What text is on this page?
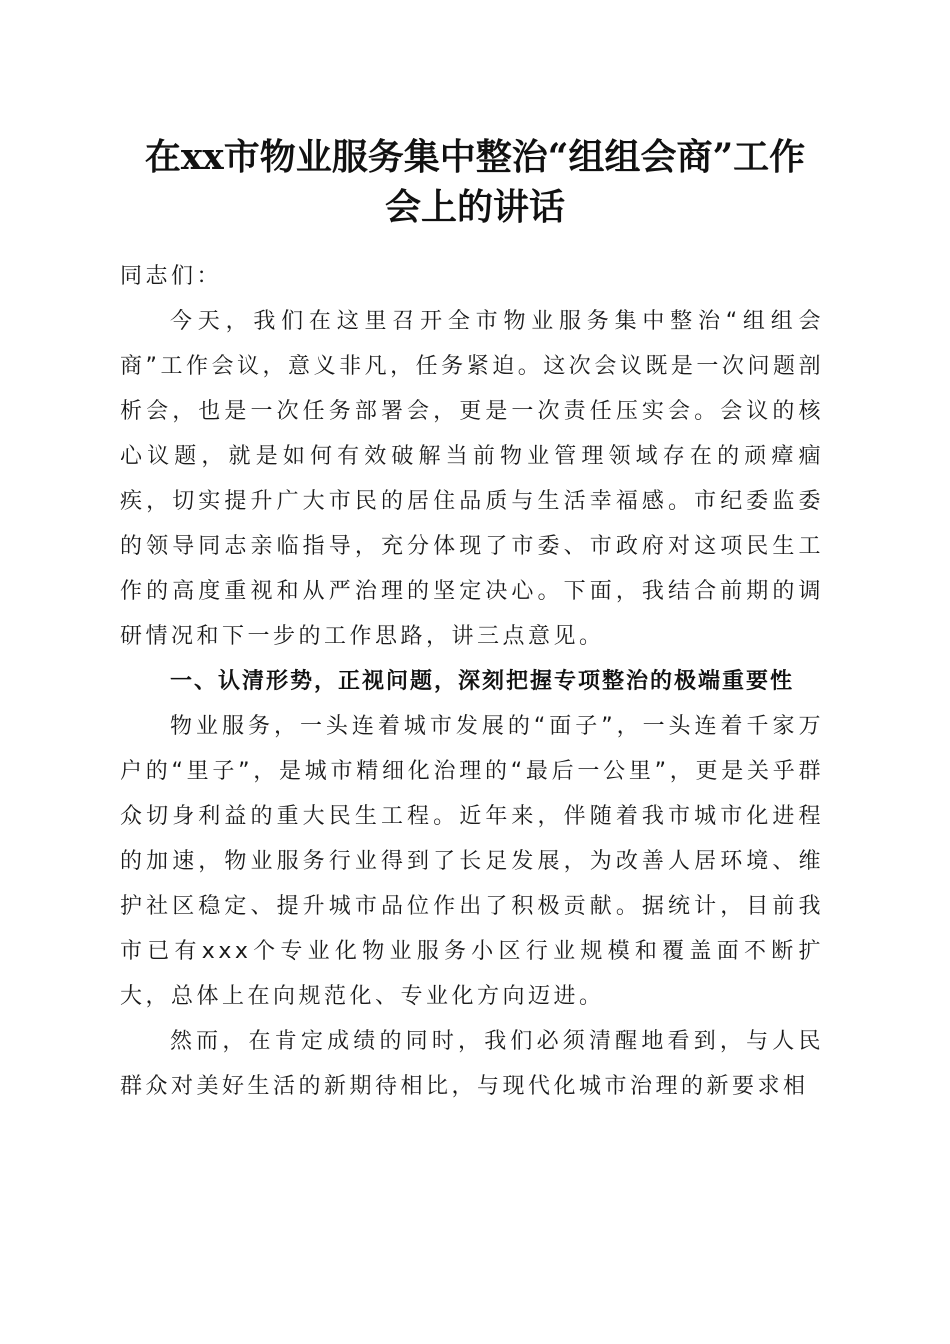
在xx市物业服务集中整治“组组会商”工作
会上的讲话

同志们：

今天，我们在这里召开全市物业服务集中整治“组组会商”工作会议，意义非凡，任务紧迫。这次会议既是一次问题剖析会，也是一次任务部署会，更是一次责任压实会。会议的核心议题，就是如何有效破解当前物业管理领域存在的顽瘴痼疾，切实提升广大市民的居住品质与生活幸福感。市纪委监委的领导同志亲临指导，充分体现了市委、市政府对这项民生工作的高度重视和从严治理的坚定决心。下面，我结合前期的调研情况和下一步的工作思路，讲三点意见。

一、认清形势，正视问题，深刻把握专项整治的极端重要性

物业服务，一头连着城市发展的“面子”，一头连着千家万户的“里子”，是城市精细化治理的“最后一公里”，更是关乎群众切身利益的重大民生工程。近年来，伴随着我市城市化进程的加速，物业服务行业得到了长足发展，为改善人居环境、维护社区稳定、提升城市品位作出了积极贡献。据统计，目前我市已有xxx个专业化物业服务小区行业规模和覆盖面不断扩大，总体上在向规范化、专业化方向迈进。

然而，在肯定成绩的同时，我们必须清醒地看到，与人民群众对美好生活的新期待相比，与现代化城市治理的新要求相
